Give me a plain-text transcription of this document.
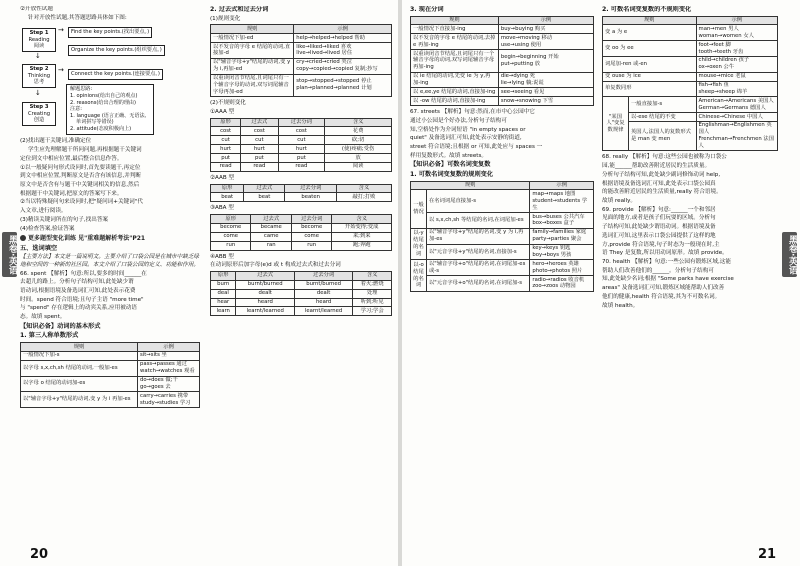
黑卷·英语

②开放性试题

针对开放性试题,其答题思路具体如下图:

Step 1
Reading
阅读
Step 2
Thinking
思考
Step 3
Creating
创造
↓
↓
→
→
Find the key points.(找出要点。)
Organize the key points.(组织要点。)
Connect the key points.(连接要点。)
解题思路:
1. opinions(给出自己的观点)
2. reasons(给出合理的理由)
注意:
1. language (语言正确、无语法、
单词拼写等错误)
2. attitude(态度积极向上)

(2)找出题干关键词,准确定位

学生应先理解题干所问问题,再根据题干关键词

定位到文中相应位置,最后整合信息作答。

①以一般疑问句形式设问时,首先要读题干,再定位

到文中相应位置,判断原文是否含有该信息,并判断

原文中是否含有与题干中关键词相关的信息,然后

根据题干中关键词,把原文的答案写下来。

②当以特殊疑问句来设问时,把"疑问词+关键词"代

入文章,进行阅读。

(3)精读关键词所在的句子,找出答案

(4)检查答案,验证答案

更多题型变化训练 见"重难题解析考法"P21

五、选词填空

【主要方法】本文是一篇说明文。主要介绍了口袋公园是在城市中缺乏绿地和空间的一种新的社区园。本文介绍了口袋公园的定义、功能和作用。

66. spent 【解析】句意:所以,要多的时间______在

去超儿的路上。分析句子结构可知,此处缺少谓

语动词,根据语境及备选词汇可知,此处表示花费

时间。spend 符合语境;且句子主语 "more time"

与 "spend" 存在逻辑上的动宾关系,应用被动语

态。故填 spent。

【知识必备】动词的基本形式

1. 第三人称单数形式

规则	示例
一般情况下加-s	sit→sits 坐
以字母 s,x,ch,sh 结尾的动词,一般加-es	pass→passes 通过
watch→watches 观看
以字母 o 结尾的动词加-es	do→does 做;干
go→goes 去
以"辅音字母+y"结尾的动词,变 y 为 i 再加-es	carry→carries 携带
study→studies 学习

2. 过去式和过去分词

(1)规则变化

规则	示例
一般情况下加-ed	help→helped→helped 帮助
以不发音的字母 e 结尾的动词,直接加-d	like→liked→liked 喜欢
live→lived→lived 居住
以"辅音字母+y"结尾的动词,变 y 为 i,再加-ed	cry→cried→cried 哭泣
copy→copied→copied 复制;抄写
以重读闭音节结尾,且词尾只有一个辅音字母的动词,双写词尾辅音字母再加-ed	stop→stopped→stopped 停止
plan→planned→planned 计划

(2)不规则变化

①AAA 型

原形	过去式	过去分词	含义
cost	cost	cost	花费
cut	cut	cut	砍;切
hurt	hurt	hurt	(使)疼痛;受伤
put	put	put	放
read	read	read	阅读

②AAB 型

原形	过去式	过去分词	含义
beat	beat	beaten	敲打;打败

③ABA 型

原形	过去式	过去分词	含义
become	became	become	开始变得;变成
come	came	come	来;到来
run	ran	run	跑;奔跑

④ABB 型

在动词原形后加字母(e)d 或 t 构成过去式和过去分词

原形	过去式	过去分词	含义
burn	burnt/burned	burnt/burned	着火;燃烧
deal	dealt	dealt	处理
hear	heard	heard	听到;听见
learn	learnt/learned	learnt/learned	学习;学会
20

3. 现在分词

规则	示例
一般情况下直接加-ing	buy→buying 购买
以不发音的字母 e 结尾的动词,去掉 e 再加-ing	move→moving 移动
use→using 使用
以重读闭音节结尾,且词尾只有一个辅音字母的动词,双写词尾辅音字母再加-ing	begin→beginning 开始
put→putting 放
以 ie 结尾的动词,先变 ie 为 y,再加-ing	die→dying 死
lie→lying 躺;说谎
以 e,ee,ye 结尾的动词,直接加-ing	see→seeing 看见
以 -ow 结尾的动词,直接加-ing	snow→snowing 下雪

67. streets 【解析】句意:然而,在市中心公园中它

通过小公园是个好办法,分析句子结构可

知,空格处作为介词短语 "in empty spaces or

quiet" 及备选词汇可知,此处表示安静的街道,

street 符合语境;且根据 or 可知,此处应与 spaces 一

样用复数形式。故填 streets。

【知识必备】可数名词变复数

1. 可数名词变复数的规则变化

规则		示例
一般情况	在名词词尾直接加-s	map→maps 地图
student→students 学生
	以 s,x,ch,sh 等结尾的名词,在词尾加-es	bus→buses 公共汽车
box→boxes 盒子
以-y结尾的名词	以"辅音字母+y"结尾的名词,变 y 为 i,再加-es	family→families 家庭
party→parties 聚会
	以"元音字母+y"结尾的名词,直接加-s	key→keys 钥匙
boy→boys 男孩
以-o结尾的名词	以"辅音字母+o"结尾的名词,在词尾加-es 或-s	hero→heroes 英雄
photo→photos 照片
	以"元音字母+o"结尾的名词,在词尾加-s	radio→radios 收音机
zoo→zoos 动物园

2. 可数名词变复数的不规则变化

规则		示例
变 a 为 e		man→men 男人
woman→women 女人
变 oo 为 ee		foot→feet 脚
tooth→teeth 牙齿
词尾加-ren 或-en		child→children 孩子
ox→oxen 公牛
变 ouse 为 ice		mouse→mice 老鼠
单复数同形		fish→fish 鱼
sheep→sheep 绵羊
"某国人"变复数规律	一般直接加-s	American→Americans 美国人
German→Germans 德国人
	以-ese 结尾的不变	Chinese→Chinese 中国人
	英国人,法国人的复数形式是 man 变 men	Englishman→Englishmen 英国人
Frenchman→Frenchmen 法国人

68. really 【解析】句意:这些公园也被称为口袋公

园,能______帮助改善附近居民的生活质量。

分析句子结构可知,此处缺少副词修饰动词 help,

根据语境及备选词汇可知,此处表示口袋公园真

的能改善附近居民的生活质量,really 符合语境。

故填 really。

69. provide 【解析】句意:______一个和邻居

见面的地方,或者是孩子们玩耍的区域。分析句

子结构可知,此处缺少谓语动词。根据语境及备

选词汇可知,这里表示口袋公园提供了这样的地

方,provide 符合语境,句子时态为一般现在时,主

语 They 是复数,所以用动词原形。故填 provide。

70. health 【解析】句意:一些公园有锻炼区域,这能

帮助人们改善他们的______。分析句子结构可

知,此处缺少名词;根据 "Some parks have exercise

areas" 及备选词汇可知,锻炼区域能帮助人们改善

他们的健康,health 符合语境,其为不可数名词。

故填 health。

黑卷·英语
21
